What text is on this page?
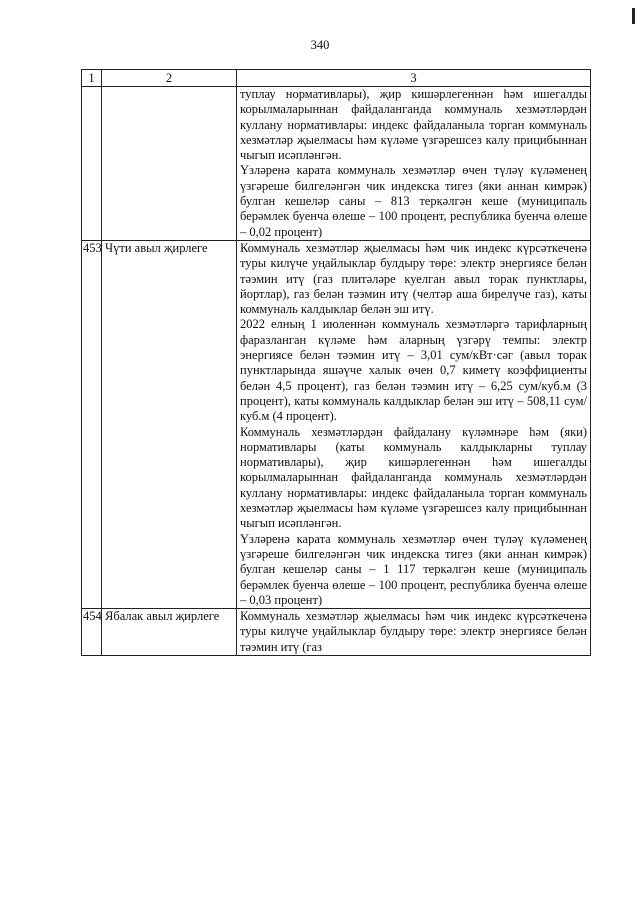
340
1	2	3

		туплау нормативлары), җир кишәрлегеннән һәм ишегалды корылмаларыннан файдаланганда коммуналь хезмәтләрдән куллану нормативлары: индекс файдаланыла торган коммуналь хезмәтләр җыелмасы һәм күләме үзгәрешсез калу прицибыннан чыгып исәпләнгән.

Үзләренә карата коммуналь хезмәтләр өчен түләү күләменең үзгәреше билгеләнгән чик индекска тигез (яки аннан кимрәк) булган кешеләр саны – 813 теркәлгән кеше (муниципаль берәмлек буенча өлеше – 100 процент, республика буенча өлеше – 0,02 процент)

453	Чүти авыл җирлеге	Коммуналь хезмәтләр җыелмасы һәм чик индекс күрсәткеченә туры килүче уңайлыклар булдыру төре: электр энергиясе белән тәэмин итү (газ плитәләре куелган авыл торак пунктлары, йортлар), газ белән тәэмин итү (челтәр аша бирелүче газ), каты коммуналь калдыклар белән эш итү.

2022 елның 1 июленнән коммуналь хезмәтләргә тарифларның фаразланган күләме һәм аларның үзгәрү темпы: электр энергиясе белән тәэмин итү – 3,01 сум/кВт·сәг (авыл торак пунктларында яшәүче халык өчен 0,7 киметү коэффициенты белән 4,5 процент), газ белән тәэмин итү – 6,25 сум/куб.м (3 процент), каты коммуналь калдыклар белән эш итү – 508,11 сум/куб.м (4 процент).

Коммуналь хезмәтләрдән файдалану күләмнәре һәм (яки) нормативлары (каты коммуналь калдыкларны туплау нормативлары), җир кишәрлегеннән һәм ишегалды корылмаларыннан файдаланганда коммуналь хезмәтләрдән куллану нормативлары: индекс файдаланыла торган коммуналь хезмәтләр җыелмасы һәм күләме үзгәрешсез калу прицибыннан чыгып исәпләнгән.

Үзләренә карата коммуналь хезмәтләр өчен түләү күләменең үзгәреше билгеләнгән чик индекска тигез (яки аннан кимрәк) булган кешеләр саны – 1 117 теркәлгән кеше (муниципаль берәмлек буенча өлеше – 100 процент, республика буенча өлеше – 0,03 процент)

454	Ябалак авыл җирлеге	Коммуналь хезмәтләр җыелмасы һәм чик индекс күрсәткеченә туры килүче уңайлыклар булдыру төре: электр энергиясе белән тәэмин итү (газ
